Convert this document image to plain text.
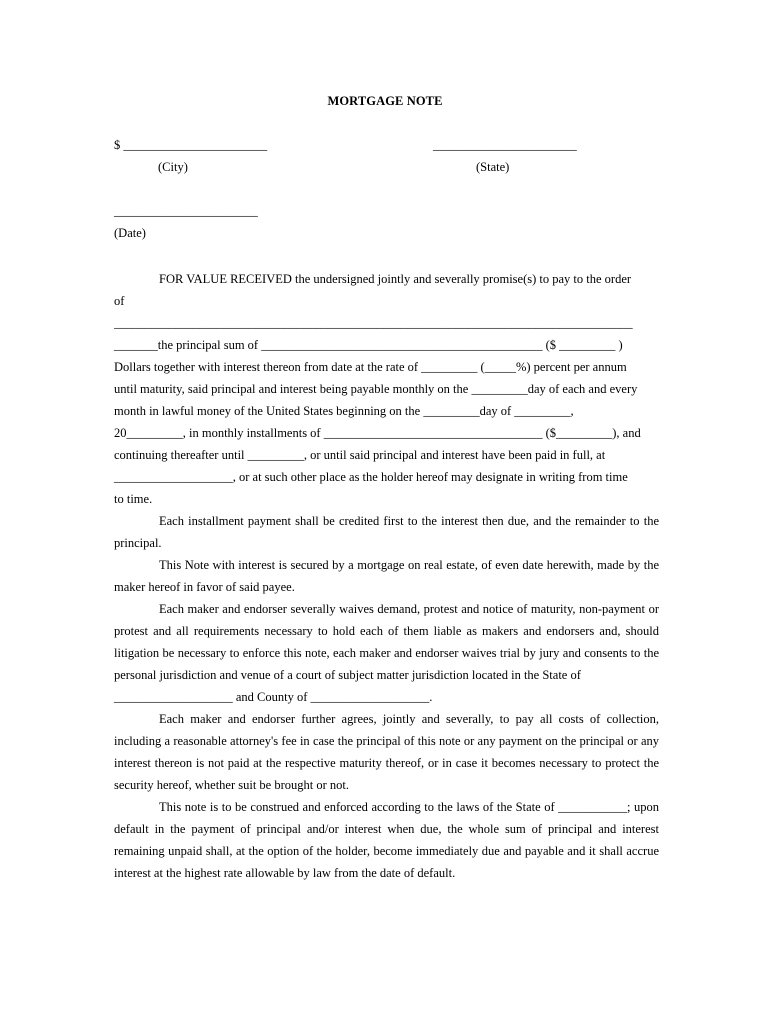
MORTGAGE NOTE
$ _______________________	_______________________
(City)	(State)
_______________________
(Date)

FOR VALUE RECEIVED the undersigned jointly and severally promise(s) to pay to the order

of

_____________________________________________________________________________________

_______the principal sum of _____________________________________________ ($ _________ )

Dollars together with interest thereon from date at the rate of _________ (_____%) percent per annum

until maturity, said principal and interest being payable monthly on the _________day of each and every

month in lawful money of the United States beginning on the _________day of _________,

20_________, in monthly installments of ___________________________________ ($_________), and

continuing thereafter until _________, or until said principal and interest have been paid in full, at

___________________, or at such other place as the holder hereof may designate in writing from time

to time.

Each installment payment shall be credited first to the interest then due, and the remainder to the principal.

This Note with interest is secured by a mortgage on real estate, of even date herewith, made by the maker hereof in favor of said payee.

Each maker and endorser severally waives demand, protest and notice of maturity, non-payment or protest and all requirements necessary to hold each of them liable as makers and endorsers and, should litigation be necessary to enforce this note, each maker and endorser waives trial by jury and consents to the personal jurisdiction and venue of a court of subject matter jurisdiction located in the State of

___________________ and County of ___________________.

Each maker and endorser further agrees, jointly and severally, to pay all costs of collection, including a reasonable attorney's fee in case the principal of this note or any payment on the principal or any interest thereon is not paid at the respective maturity thereof, or in case it becomes necessary to protect the security hereof, whether suit be brought or not.

This note is to be construed and enforced according to the laws of the State of ___________; upon default in the payment of principal and/or interest when due, the whole sum of principal and interest remaining unpaid shall, at the option of the holder, become immediately due and payable and it shall accrue interest at the highest rate allowable by law from the date of default.
